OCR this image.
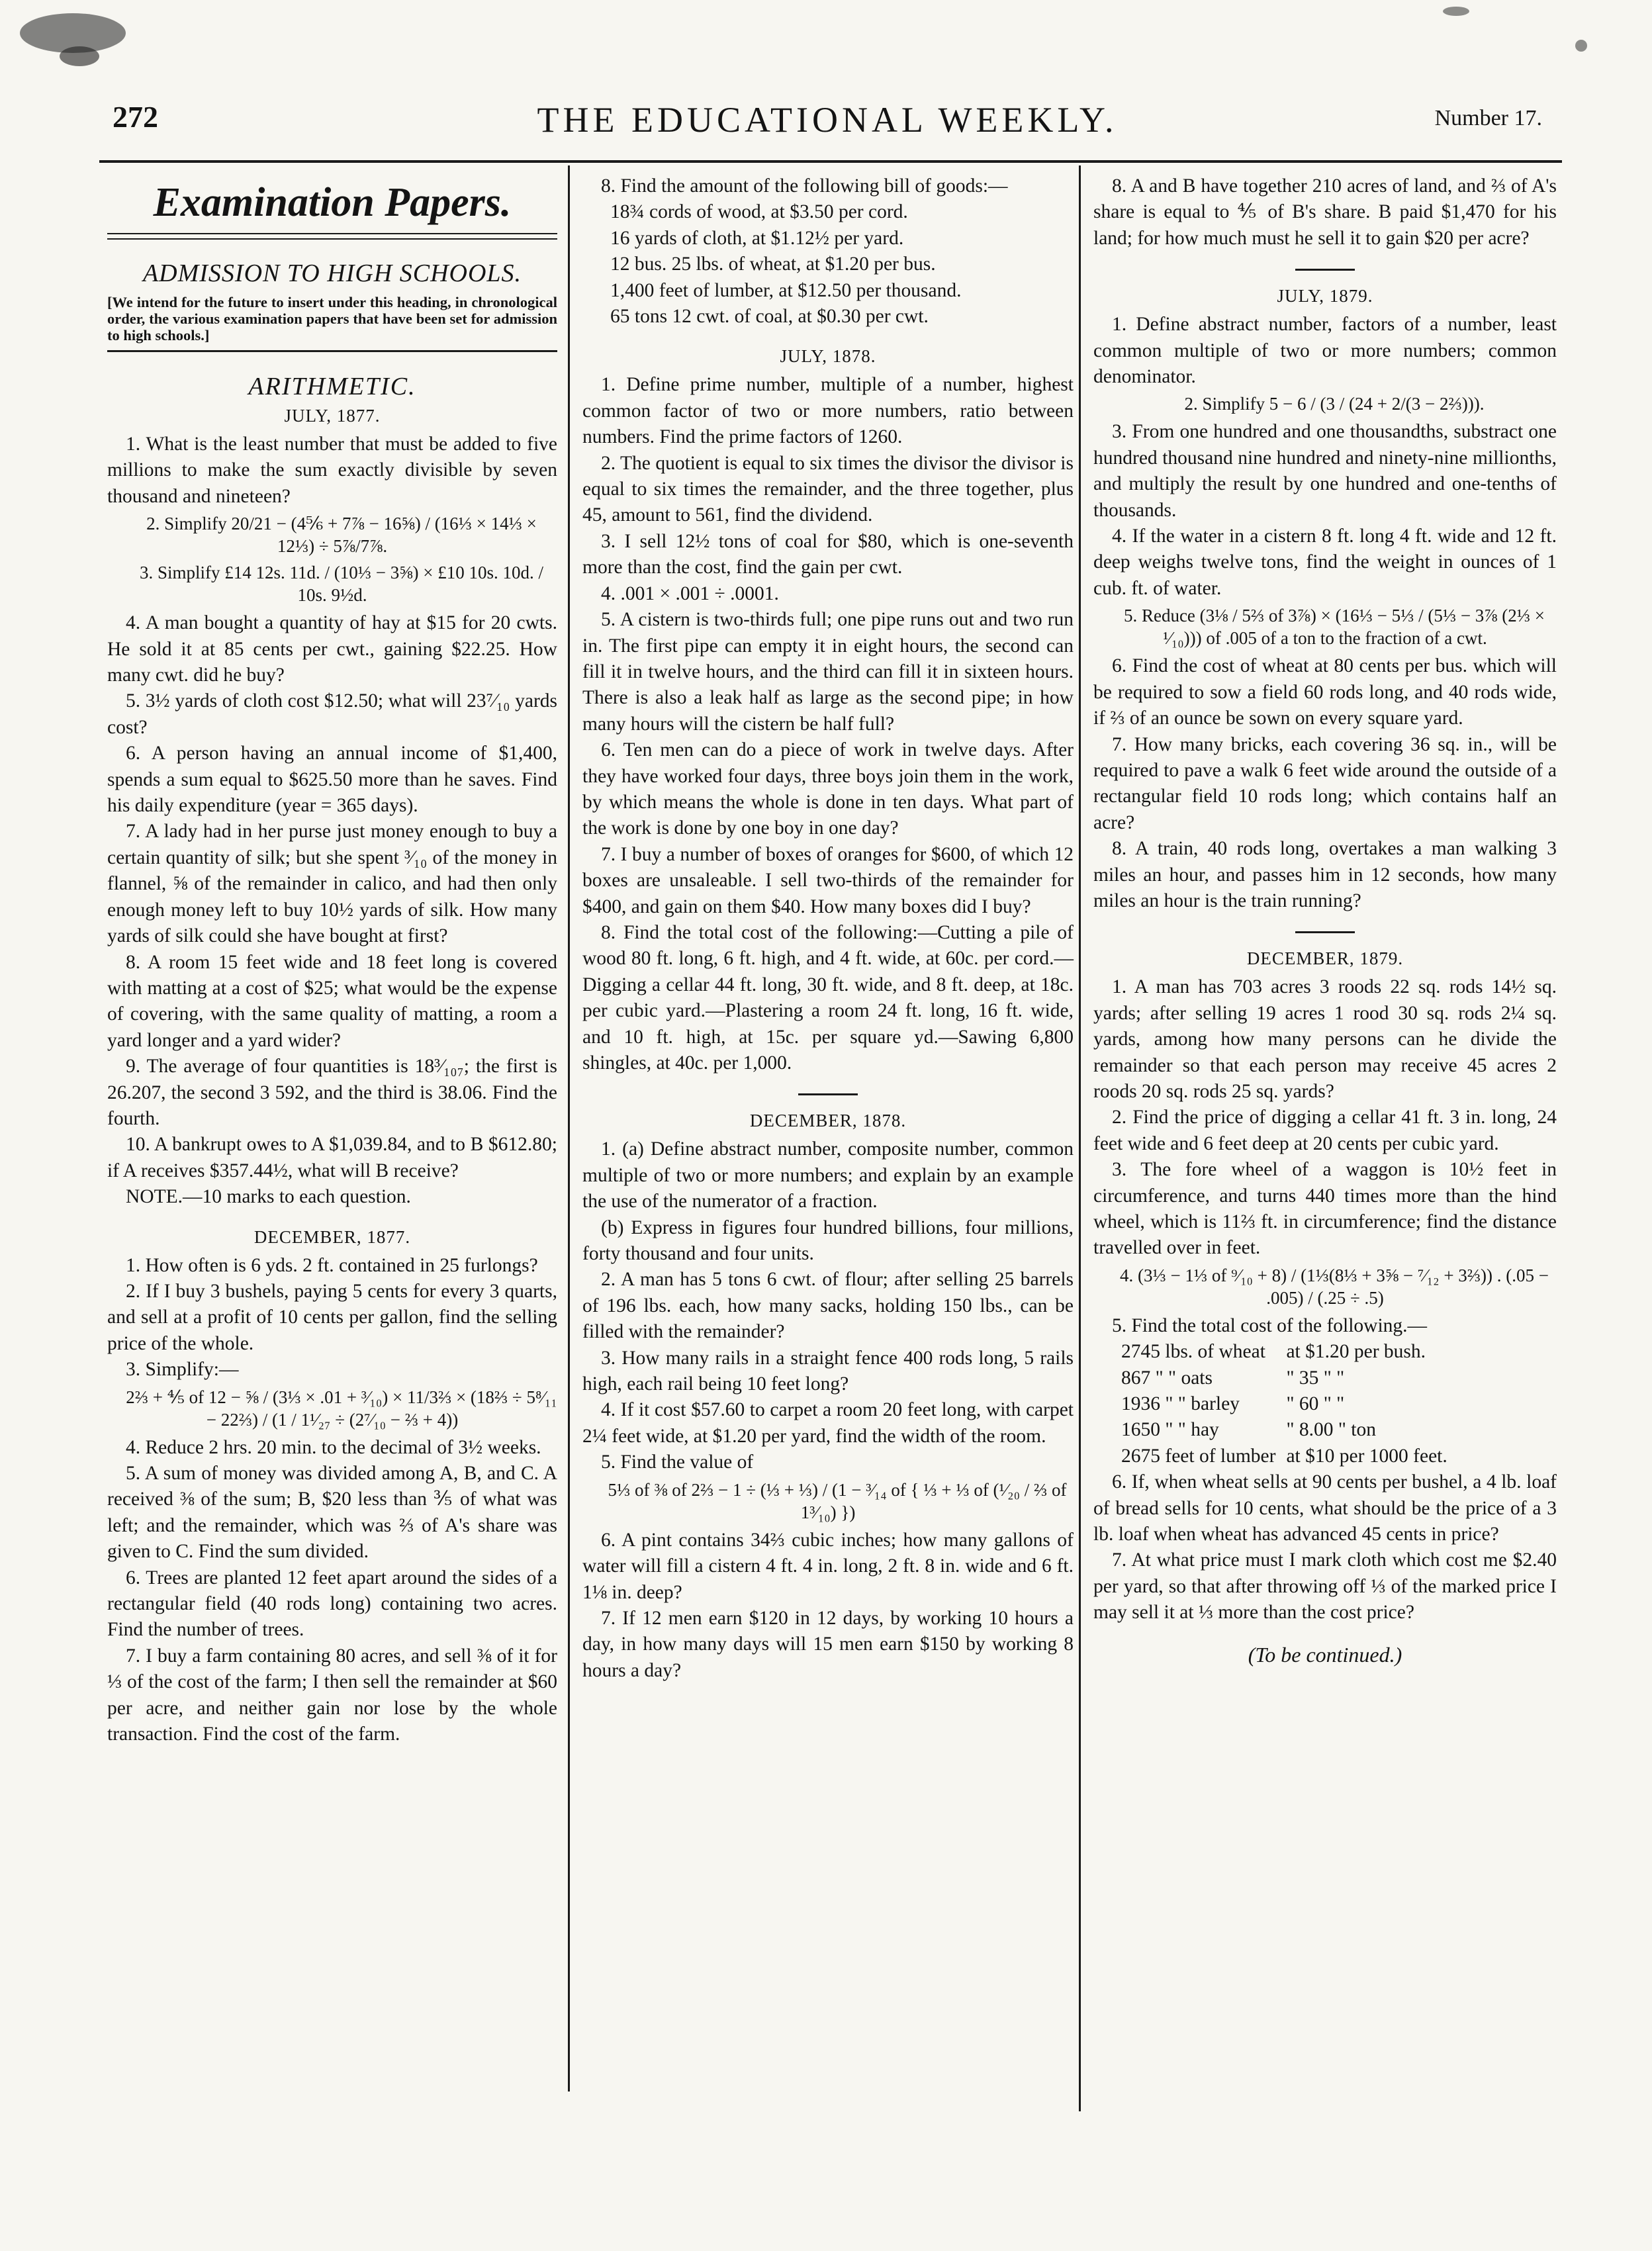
272	THE EDUCATIONAL WEEKLY.	Number 17.
Examination Papers.
ADMISSION TO HIGH SCHOOLS.
[We intend for the future to insert under this heading, in chronological order, the various examination papers that have been set for admission to high schools.]
ARITHMETIC.
JULY, 1877.

1. What is the least number that must be added to five millions to make the sum exactly divisible by seven thousand and nineteen?

2. Simplify 20/21 − (4⅚ + 7⅞ − 16⅝) / (16⅓ × 14⅓ × 12⅓) ÷ 5⅞/7⅞.

3. Simplify £14 12s. 11d. / (10⅓ − 3⅝) × £10 10s. 10d. / 10s. 9½d.

4. A man bought a quantity of hay at $15 for 20 cwts. He sold it at 85 cents per cwt., gaining $22.25. How many cwt. did he buy?

5. 3½ yards of cloth cost $12.50; what will 23⁷⁄₁₀ yards cost?

6. A person having an annual income of $1,400, spends a sum equal to $625.50 more than he saves. Find his daily expenditure (year = 365 days).

7. A lady had in her purse just money enough to buy a certain quantity of silk; but she spent ³⁄₁₀ of the money in flannel, ⅝ of the remainder in calico, and had then only enough money left to buy 10½ yards of silk. How many yards of silk could she have bought at first?

8. A room 15 feet wide and 18 feet long is covered with matting at a cost of $25; what would be the expense of covering, with the same quality of matting, a room a yard longer and a yard wider?

9. The average of four quantities is 18³⁄₁₀₇; the first is 26.207, the second 3 592, and the third is 38.06. Find the fourth.

10. A bankrupt owes to A $1,039.84, and to B $612.80; if A receives $357.44½, what will B receive?

NOTE.—10 marks to each question.

DECEMBER, 1877.

1. How often is 6 yds. 2 ft. contained in 25 furlongs?

2. If I buy 3 bushels, paying 5 cents for every 3 quarts, and sell at a profit of 10 cents per gallon, find the selling price of the whole.

3. Simplify:—

2⅔ + ⅘ of 12 − ⅝ / (3⅓ × .01 + ³⁄₁₀) × 11/3⅔ × (18⅔ ÷ 5⁸⁄₁₁ − 22⅔) / (1 / 1¹⁄₂₇ ÷ (2⁷⁄₁₀ − ⅔ + 4))

4. Reduce 2 hrs. 20 min. to the decimal of 3½ weeks.

5. A sum of money was divided among A, B, and C. A received ⅜ of the sum; B, $20 less than ⅗ of what was left; and the remainder, which was ⅔ of A's share was given to C. Find the sum divided.

6. Trees are planted 12 feet apart around the sides of a rectangular field (40 rods long) containing two acres. Find the number of trees.

7. I buy a farm containing 80 acres, and sell ⅜ of it for ⅓ of the cost of the farm; I then sell the remainder at $60 per acre, and neither gain nor lose by the whole transaction. Find the cost of the farm.

8. Find the amount of the following bill of goods:—

18¾ cords of wood, at $3.50 per cord.
16 yards of cloth, at $1.12½ per yard.
12 bus. 25 lbs. of wheat, at $1.20 per bus.
1,400 feet of lumber, at $12.50 per thousand.
65 tons 12 cwt. of coal, at $0.30 per cwt.
JULY, 1878.

1. Define prime number, multiple of a number, highest common factor of two or more numbers, ratio between numbers. Find the prime factors of 1260.

2. The quotient is equal to six times the divisor the divisor is equal to six times the remainder, and the three together, plus 45, amount to 561, find the dividend.

3. I sell 12½ tons of coal for $80, which is one-seventh more than the cost, find the gain per cwt.

4. .001 × .001 ÷ .0001.

5. A cistern is two-thirds full; one pipe runs out and two run in. The first pipe can empty it in eight hours, the second can fill it in twelve hours, and the third can fill it in sixteen hours. There is also a leak half as large as the second pipe; in how many hours will the cistern be half full?

6. Ten men can do a piece of work in twelve days. After they have worked four days, three boys join them in the work, by which means the whole is done in ten days. What part of the work is done by one boy in one day?

7. I buy a number of boxes of oranges for $600, of which 12 boxes are unsaleable. I sell two-thirds of the remainder for $400, and gain on them $40. How many boxes did I buy?

8. Find the total cost of the following:—Cutting a pile of wood 80 ft. long, 6 ft. high, and 4 ft. wide, at 60c. per cord.—Digging a cellar 44 ft. long, 30 ft. wide, and 8 ft. deep, at 18c. per cubic yard.—Plastering a room 24 ft. long, 16 ft. wide, and 10 ft. high, at 15c. per square yd.—Sawing 6,800 shingles, at 40c. per 1,000.

DECEMBER, 1878.

1. (a) Define abstract number, composite number, common multiple of two or more numbers; and explain by an example the use of the numerator of a fraction.

(b) Express in figures four hundred billions, four millions, forty thousand and four units.

2. A man has 5 tons 6 cwt. of flour; after selling 25 barrels of 196 lbs. each, how many sacks, holding 150 lbs., can be filled with the remainder?

3. How many rails in a straight fence 400 rods long, 5 rails high, each rail being 10 feet long?

4. If it cost $57.60 to carpet a room 20 feet long, with carpet 2¼ feet wide, at $1.20 per yard, find the width of the room.

5. Find the value of

5⅓ of ⅜ of 2⅔ − 1 ÷ (⅓ + ⅓) / (1 − ³⁄₁₄ of { ⅓ + ⅓ of (¹⁄₂₀ / ⅔ of 1³⁄₁₀) })

6. A pint contains 34⅔ cubic inches; how many gallons of water will fill a cistern 4 ft. 4 in. long, 2 ft. 8 in. wide and 6 ft. 1⅛ in. deep?

7. If 12 men earn $120 in 12 days, by working 10 hours a day, in how many days will 15 men earn $150 by working 8 hours a day?

8. A and B have together 210 acres of land, and ⅔ of A's share is equal to ⅘ of B's share. B paid $1,470 for his land; for how much must he sell it to gain $20 per acre?

JULY, 1879.

1. Define abstract number, factors of a number, least common multiple of two or more numbers; common denominator.

2. Simplify 5 − 6 / (3 / (24 + 2/(3 − 2⅔))).

3. From one hundred and one thousandths, substract one hundred thousand nine hundred and ninety-nine millionths, and multiply the result by one hundred and one-tenths of thousands.

4. If the water in a cistern 8 ft. long 4 ft. wide and 12 ft. deep weighs twelve tons, find the weight in ounces of 1 cub. ft. of water.

5. Reduce (3⅛ / 5⅔ of 3⅞) × (16⅓ − 5⅓ / (5⅓ − 3⅞ (2⅓ × ¹⁄₁₀))) of .005 of a ton to the fraction of a cwt.

6. Find the cost of wheat at 80 cents per bus. which will be required to sow a field 60 rods long, and 40 rods wide, if ⅔ of an ounce be sown on every square yard.

7. How many bricks, each covering 36 sq. in., will be required to pave a walk 6 feet wide around the outside of a rectangular field 10 rods long; which contains half an acre?

8. A train, 40 rods long, overtakes a man walking 3 miles an hour, and passes him in 12 seconds, how many miles an hour is the train running?

DECEMBER, 1879.

1. A man has 703 acres 3 roods 22 sq. rods 14½ sq. yards; after selling 19 acres 1 rood 30 sq. rods 2¼ sq. yards, among how many persons can he divide the remainder so that each person may receive 45 acres 2 roods 20 sq. rods 25 sq. yards?

2. Find the price of digging a cellar 41 ft. 3 in. long, 24 feet wide and 6 feet deep at 20 cents per cubic yard.

3. The fore wheel of a waggon is 10½ feet in circumference, and turns 440 times more than the hind wheel, which is 11⅔ ft. in circumference; find the distance travelled over in feet.

4. (3⅓ − 1⅓ of ⁹⁄₁₀ + 8) / (1⅓(8⅓ + 3⅝ − ⁷⁄₁₂ + 3⅔)) . (.05 − .005) / (.25 ÷ .5)

5. Find the total cost of the following.—

2745 lbs. of wheat	at $1.20 per bush.
867 " " oats	" 35 " "
1936 " " barley	" 60 " "
1650 " " hay	" 8.00 " ton
2675 feet of lumber	at $10 per 1000 feet.

6. If, when wheat sells at 90 cents per bushel, a 4 lb. loaf of bread sells for 10 cents, what should be the price of a 3 lb. loaf when wheat has advanced 45 cents in price?

7. At what price must I mark cloth which cost me $2.40 per yard, so that after throwing off ⅓ of the marked price I may sell it at ⅓ more than the cost price?

(To be continued.)
